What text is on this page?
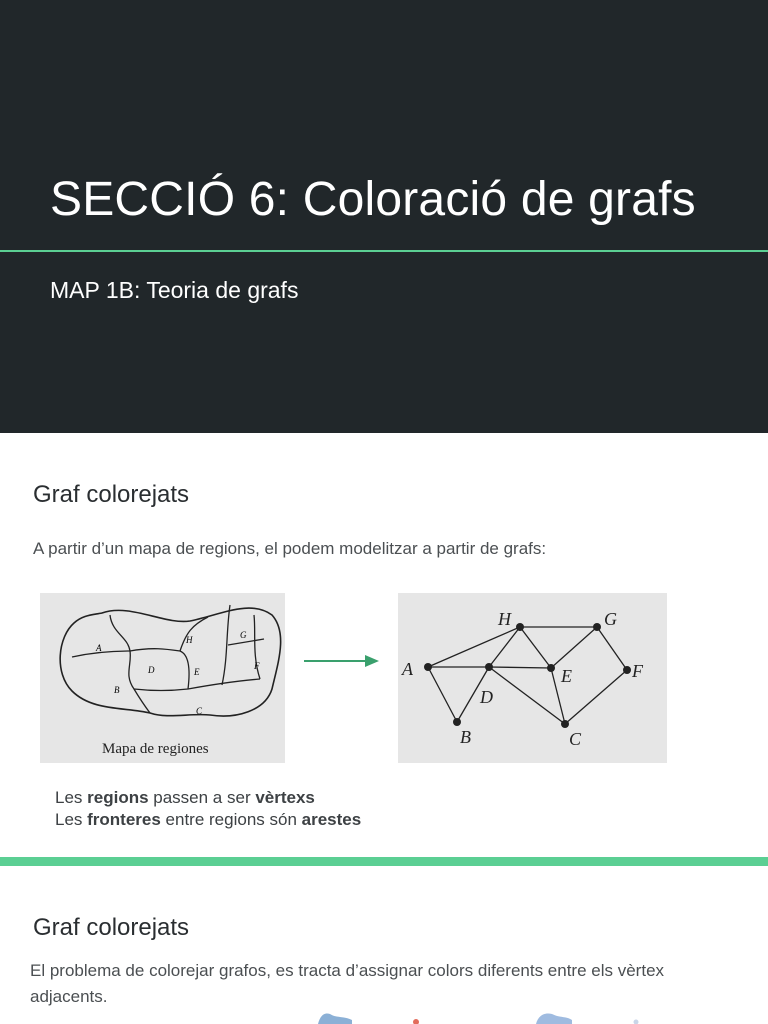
SECCIÓ 6: Coloració de grafs
MAP 1B: Teoria de grafs
Graf colorejats

A partir d’un mapa de regions, el podem modelitzar a partir de grafs:

A
B
D	E
H	G
F
C
Mapa de regiones
A
B
D
E
H	G
F
C
Les regions passen a ser vèrtexs
Les fronteres entre regions són arestes
Graf colorejats

El problema de colorejar grafos, es tracta d’assignar colors diferents entre els vèrtex adjacents.
